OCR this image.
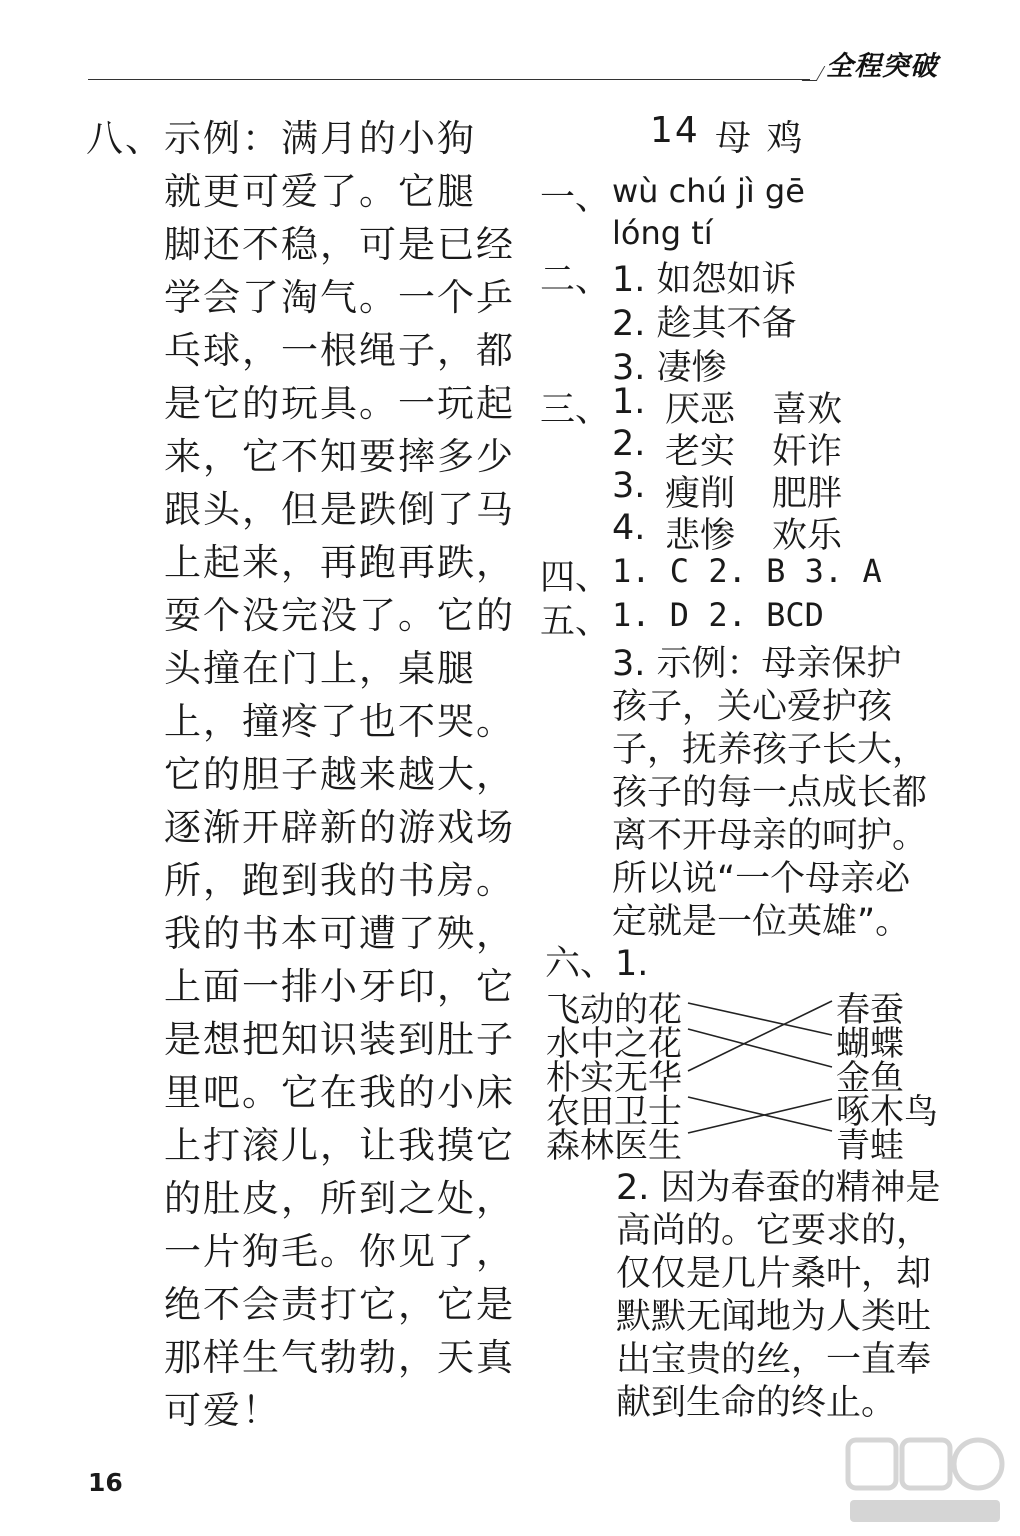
全程突破
八、示例：满月的小狗
就更可爱了。它腿
脚还不稳，可是已经
学会了淘气。一个乒
乓球，一根绳子，都
是它的玩具。一玩起
来，它不知要摔多少
跟头，但是跌倒了马
上起来，再跑再跌，
耍个没完没了。它的
头撞在门上，桌腿
上，撞疼了也不哭。
它的胆子越来越大，
逐渐开辟新的游戏场
所，跑到我的书房。
我的书本可遭了殃，
上面一排小牙印，它
是想把知识装到肚子
里吧。它在我的小床
上打滚儿，让我摸它
的肚皮，所到之处，
一片狗毛。你见了，
绝不会责打它，它是
那样生气勃勃，天真
可爱！
14 母 鸡
一、 wù chú jì gē
lóng tí
二、 1. 如怨如诉
2. 趁其不备
3. 凄惨
三、 1. 厌恶 喜欢
2. 老实 奸诈
3. 瘦削 肥胖
4. 悲惨 欢乐
四、 1. C 2. B 3. A
五、 1. D 2. BCD
3. 示例：母亲保护
孩子，关心爱护孩
子，抚养孩子长大，
孩子的每一点成长都
离不开母亲的呵护。
所以说“一个母亲必
定就是一位英雄”。
六、1.
飞动的花
水中之花
朴实无华
农田卫士
森林医生
春蚕
蝴蝶
金鱼
啄木鸟
青蛙
2. 因为春蚕的精神是
高尚的。它要求的，
仅仅是几片桑叶，却
默默无闻地为人类吐
出宝贵的丝，一直奉
献到生命的终止。
16
